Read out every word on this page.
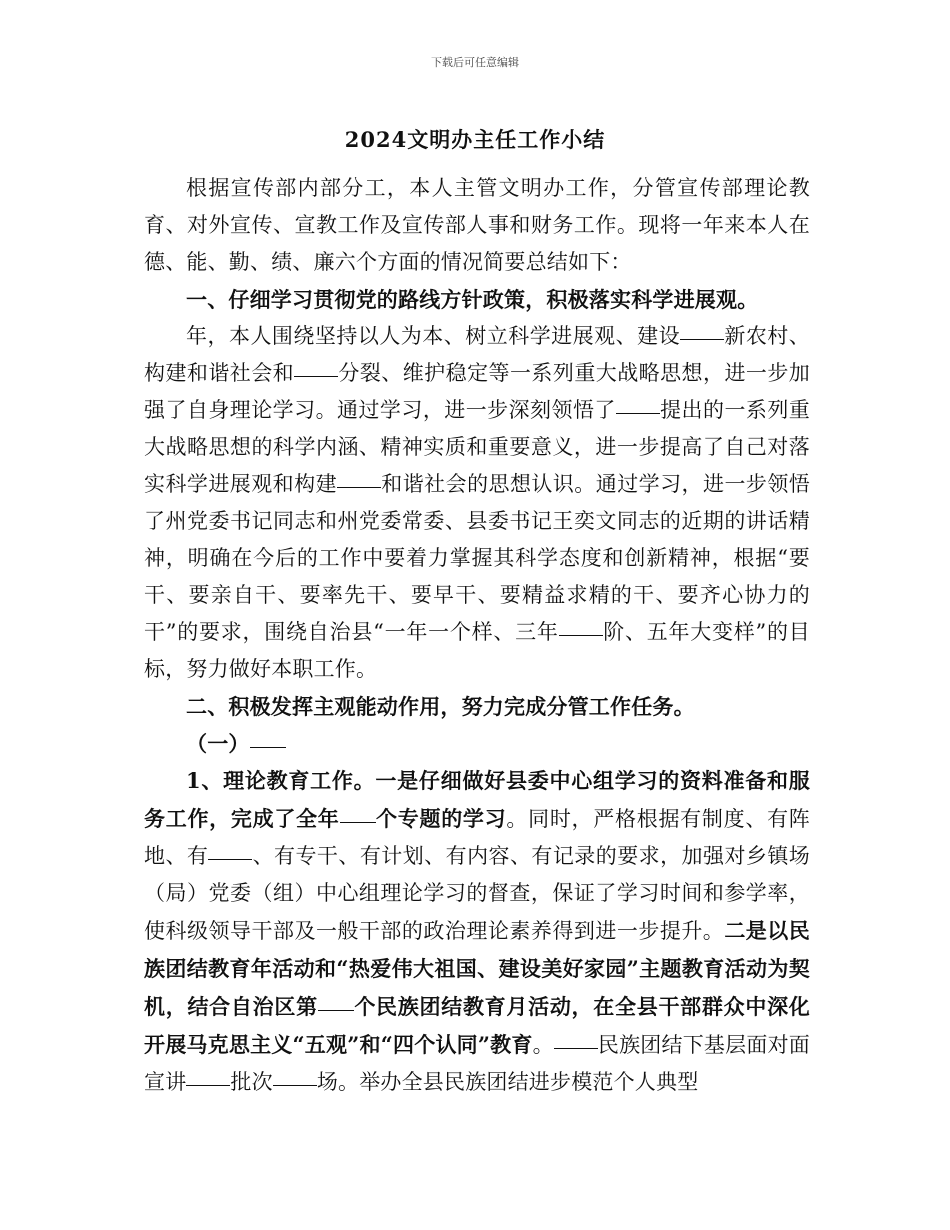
下载后可任意编辑
2024文明办主任工作小结

根据宣传部内部分工，本人主管文明办工作，分管宣传部理论教育、对外宣传、宣教工作及宣传部人事和财务工作。现将一年来本人在德、能、勤、绩、廉六个方面的情况简要总结如下：

一、仔细学习贯彻党的路线方针政策，积极落实科学进展观。

年，本人围绕坚持以人为本、树立科学进展观、建设 新农村、构建和谐社会和 分裂、维护稳定等一系列重大战略思想，进一步加强了自身理论学习。通过学习，进一步深刻领悟了 提出的一系列重大战略思想的科学内涵、精神实质和重要意义，进一步提高了自己对落实科学进展观和构建 和谐社会的思想认识。通过学习，进一步领悟了州党委书记同志和州党委常委、县委书记王奕文同志的近期的讲话精神，明确在今后的工作中要着力掌握其科学态度和创新精神，根据“要干、要亲自干、要率先干、要早干、要精益求精的干、要齐心协力的干”的要求，围绕自治县“一年一个样、三年 阶、五年大变样”的目标，努力做好本职工作。

二、积极发挥主观能动作用，努力完成分管工作任务。

（一）

1、理论教育工作。一是仔细做好县委中心组学习的资料准备和服务工作，完成了全年 个专题的学习。同时，严格根据有制度、有阵地、有 、有专干、有计划、有内容、有记录的要求，加强对乡镇场（局）党委（组）中心组理论学习的督查，保证了学习时间和参学率，使科级领导干部及一般干部的政治理论素养得到进一步提升。二是以民族团结教育年活动和“热爱伟大祖国、建设美好家园”主题教育活动为契机，结合自治区第 个民族团结教育月活动，在全县干部群众中深化开展马克思主义“五观”和“四个认同”教育。 民族团结下基层面对面宣讲 批次 场。举办全县民族团结进步模范个人典型
